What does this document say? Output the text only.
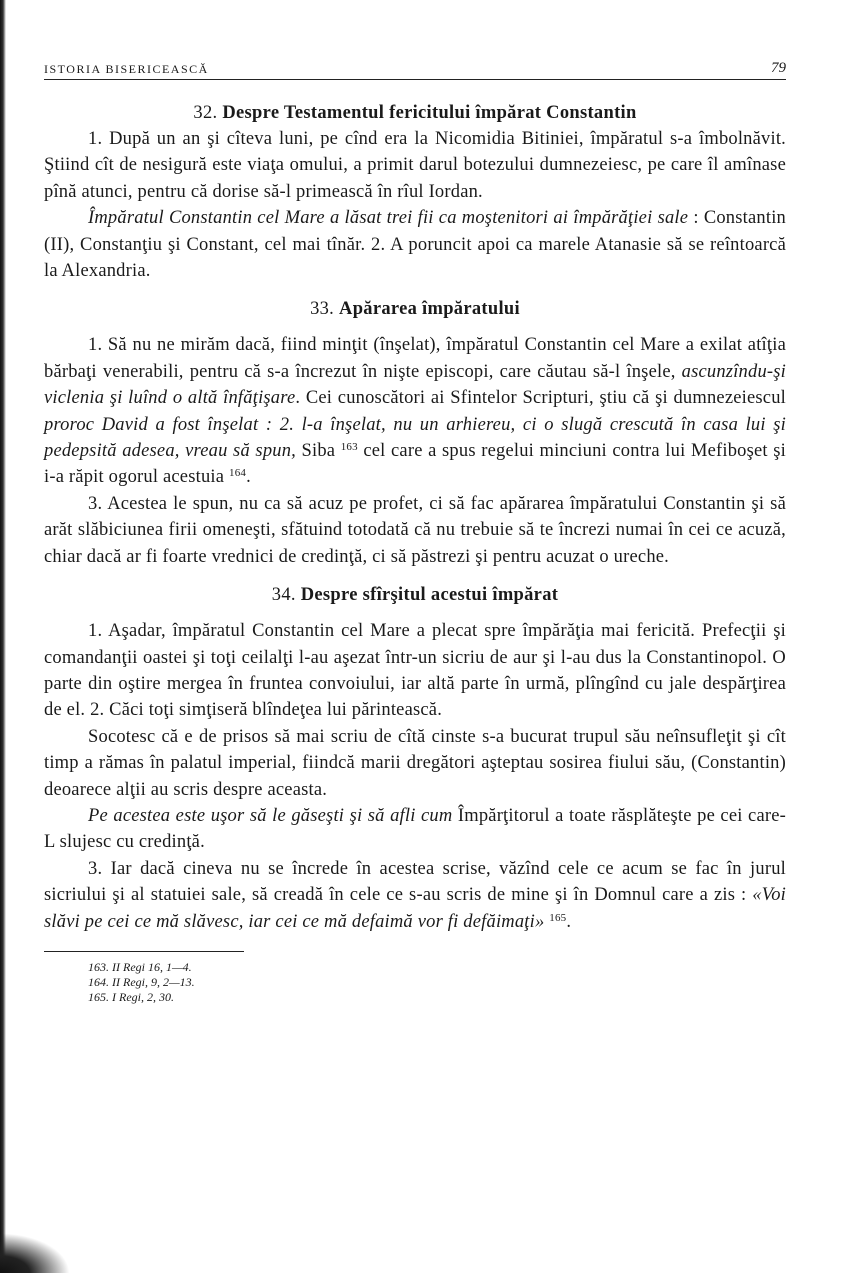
ISTORIA BISERICEASCĂ	79
32. Despre Testamentul fericitului împărat Constantin

1. După un an şi cîteva luni, pe cînd era la Nicomidia Bitiniei, împăratul s-a îmbolnăvit. Ştiind cît de nesigură este viaţa omului, a primit darul botezului dumnezeiesc, pe care îl amînase pînă atunci, pentru că dorise să-l primească în rîul Iordan.

Împăratul Constantin cel Mare a lăsat trei fii ca moştenitori ai împărăţiei sale : Constantin (II), Constanţiu şi Constant, cel mai tînăr. 2. A poruncit apoi ca marele Atanasie să se reîntoarcă la Alexandria.

33. Apărarea împăratului

1. Să nu ne mirăm dacă, fiind minţit (înşelat), împăratul Constantin cel Mare a exilat atîţia bărbaţi venerabili, pentru că s-a încrezut în nişte episcopi, care căutau să-l înşele, ascunzîndu-şi viclenia şi luînd o altă înfăţişare. Cei cunoscători ai Sfintelor Scripturi, ştiu că şi dumnezeiescul proroc David a fost înşelat : 2. l-a înşelat, nu un arhiereu, ci o slugă crescută în casa lui şi pedepsită adesea, vreau să spun, Siba $^{163}$ cel care a spus regelui minciuni contra lui Mefiboşet şi i-a răpit ogorul acestuia $^{164}$.

3. Acestea le spun, nu ca să acuz pe profet, ci să fac apărarea împăratului Constantin şi să arăt slăbiciunea firii omeneşti, sfătuind totodată că nu trebuie să te încrezi numai în cei ce acuză, chiar dacă ar fi foarte vrednici de credinţă, ci să păstrezi şi pentru acuzat o ureche.

34. Despre sfîrşitul acestui împărat

1. Aşadar, împăratul Constantin cel Mare a plecat spre împărăţia mai fericită. Prefecţii şi comandanţii oastei şi toţi ceilalţi l-au aşezat într-un sicriu de aur şi l-au dus la Constantinopol. O parte din oştire mergea în fruntea convoiului, iar altă parte în urmă, plîngînd cu jale despărţirea de el. 2. Căci toţi simţiseră blîndeţea lui părintească.

Socotesc că e de prisos să mai scriu de cîtă cinste s-a bucurat trupul său neînsufleţit şi cît timp a rămas în palatul imperial, fiindcă marii dregători aşteptau sosirea fiului său, (Constantin) deoarece alţii au scris despre aceasta.

Pe acestea este uşor să le găseşti şi să afli cum Împărţitorul a toate răsplăteşte pe cei care-L slujesc cu credinţă.

3. Iar dacă cineva nu se încrede în acestea scrise, văzînd cele ce acum se fac în jurul sicriului şi al statuiei sale, să creadă în cele ce s-au scris de mine şi în Domnul care a zis : «Voi slăvi pe cei ce mă slăvesc, iar cei ce mă defaimă vor fi defăimaţi» $^{165}$.

163. II Regi 16, 1—4.
164. II Regi, 9, 2—13.
165. I Regi, 2, 30.
